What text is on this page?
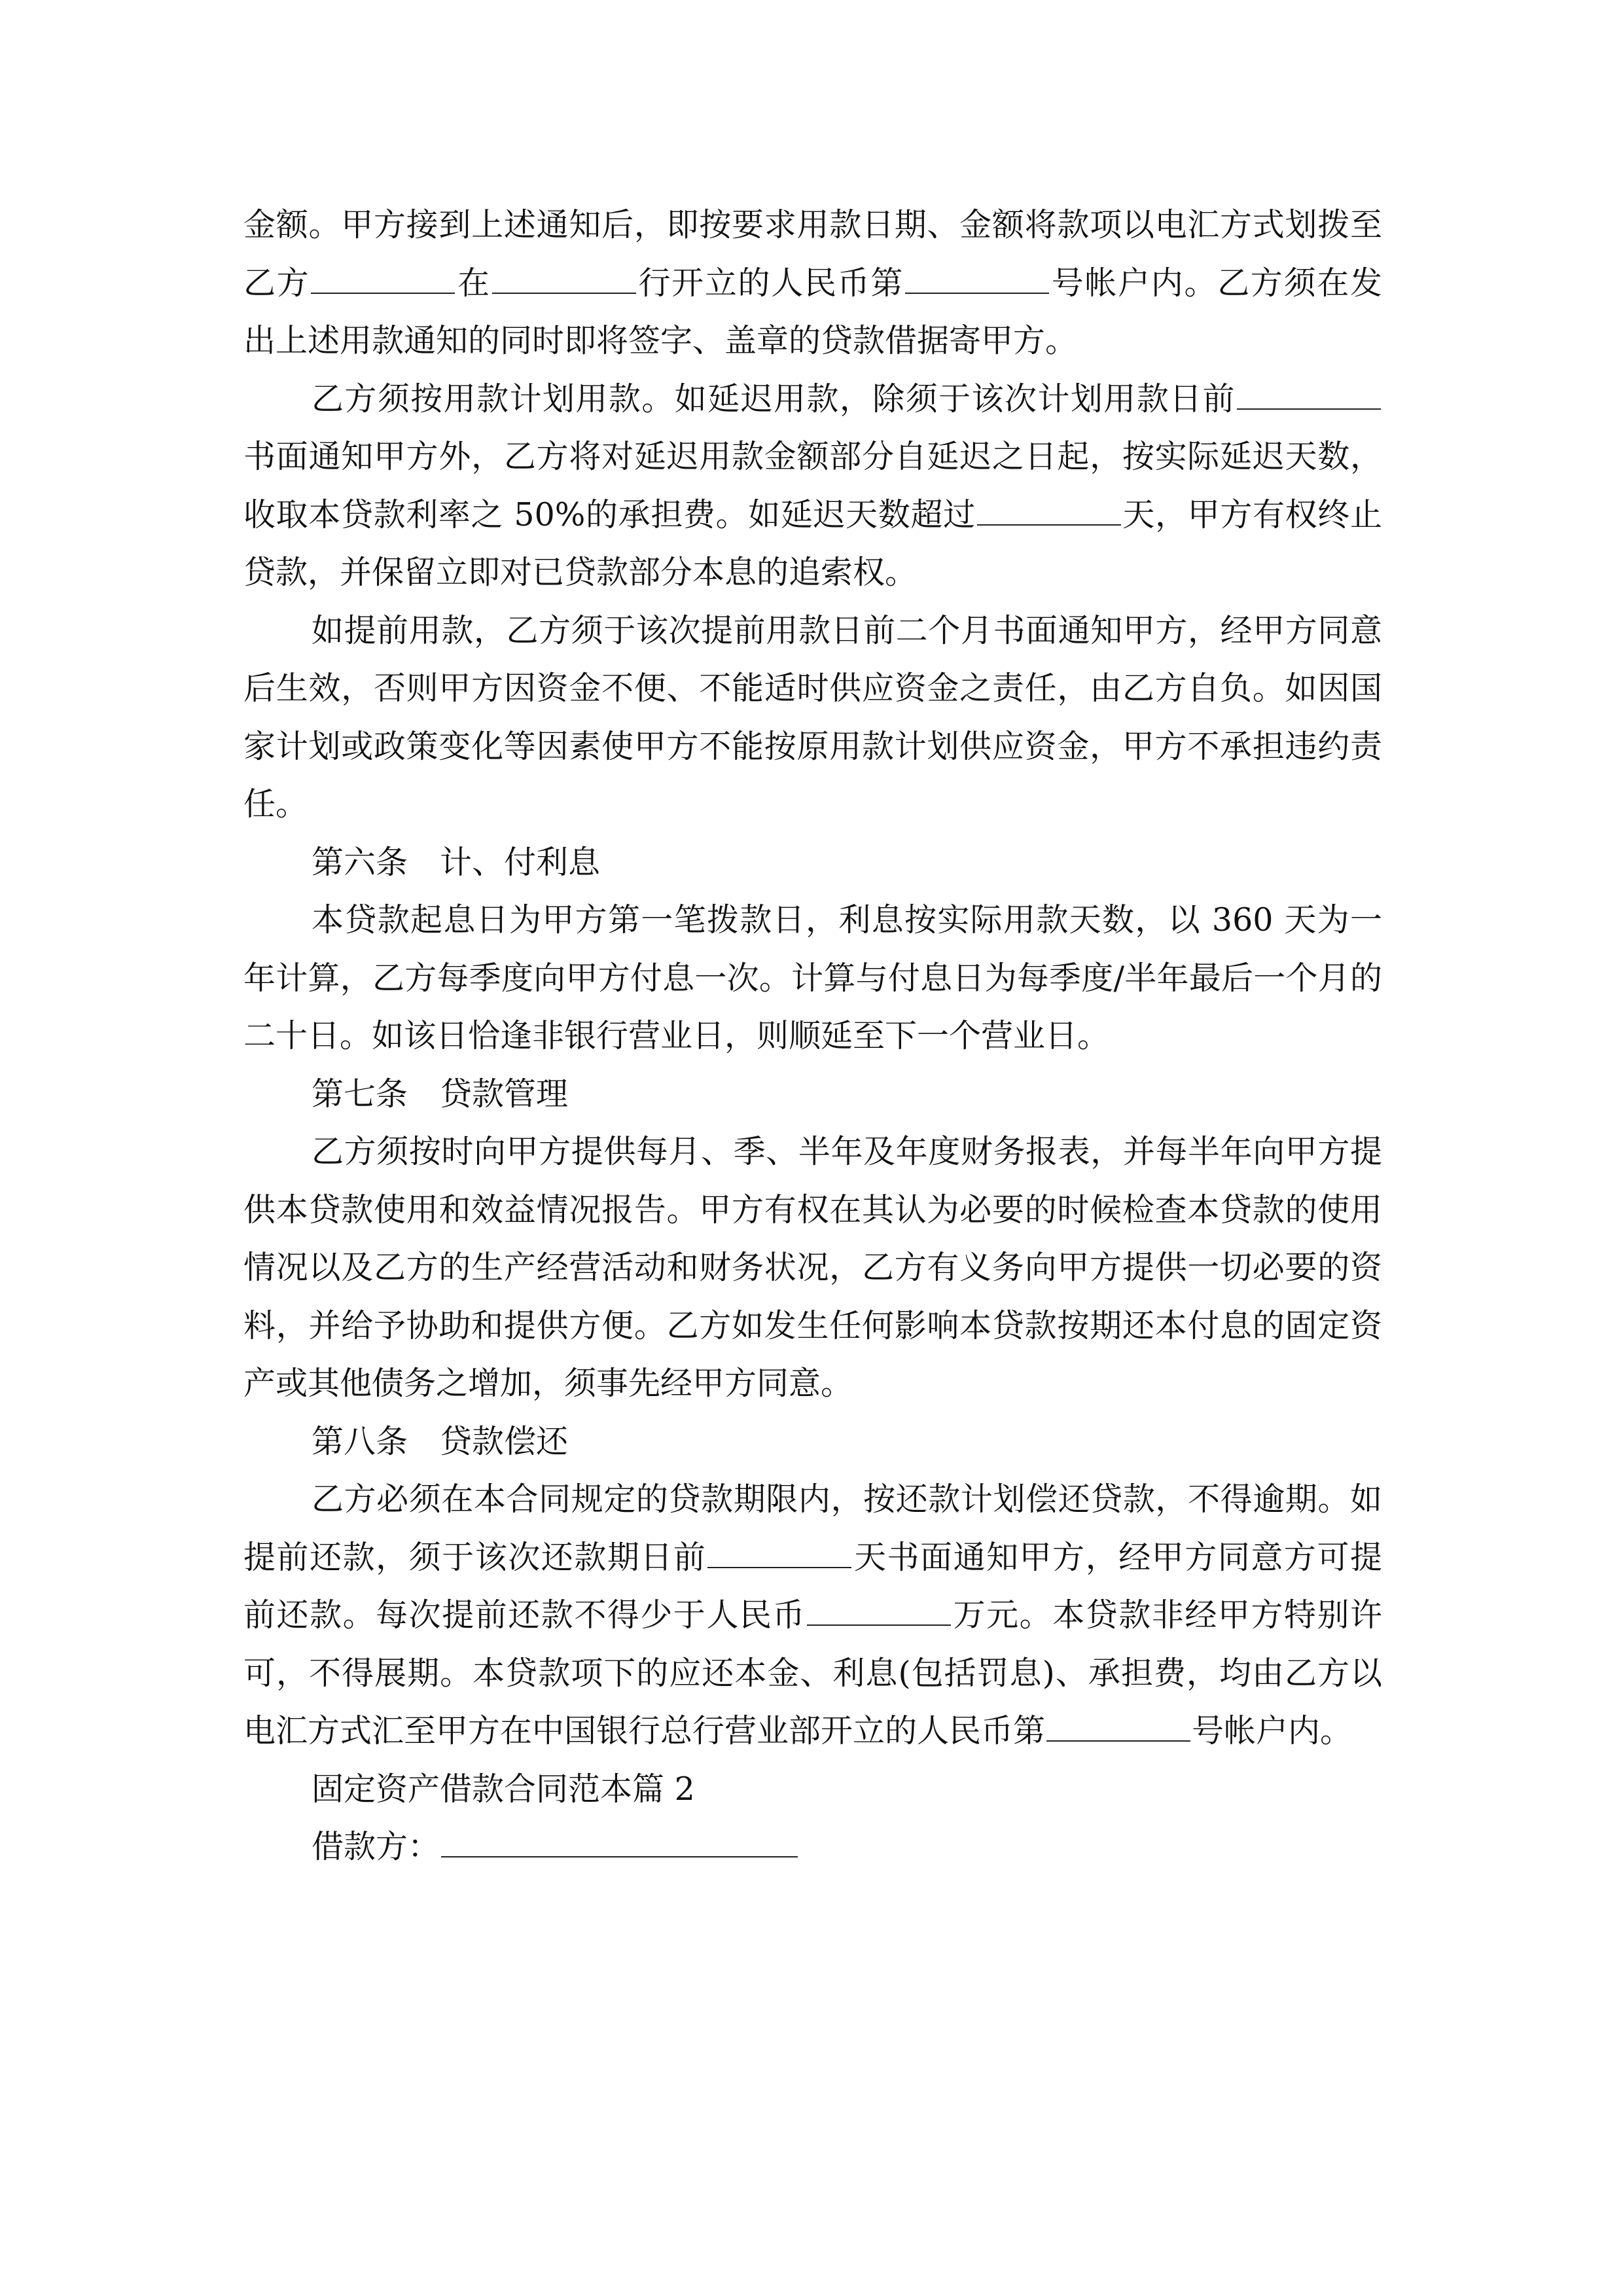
金额。甲方接到上述通知后，即按要求用款日期、金额将款项以电汇方式划拨至乙方	在	行开立的人民币第	号帐户内。乙方须在发出上述用款通知的同时即将签字、盖章的贷款借据寄甲方。

乙方须按用款计划用款。如延迟用款，除须于该次计划用款日前书面通知甲方外，乙方将对延迟用款金额部分自延迟之日起，按实际延迟天数，收取本贷款利率之 50%的承担费。如延迟天数超过	天，甲方有权终止贷款，并保留立即对已贷款部分本息的追索权。

如提前用款，乙方须于该次提前用款日前二个月书面通知甲方，经甲方同意后生效，否则甲方因资金不便、不能适时供应资金之责任，由乙方自负。如因国家计划或政策变化等因素使甲方不能按原用款计划供应资金，甲方不承担违约责任。

第六条　计、付利息

本贷款起息日为甲方第一笔拨款日，利息按实际用款天数，以 360 天为一年计算，乙方每季度向甲方付息一次。计算与付息日为每季度/半年最后一个月的二十日。如该日恰逢非银行营业日，则顺延至下一个营业日。

第七条　贷款管理

乙方须按时向甲方提供每月、季、半年及年度财务报表，并每半年向甲方提供本贷款使用和效益情况报告。甲方有权在其认为必要的时候检查本贷款的使用情况以及乙方的生产经营活动和财务状况，乙方有义务向甲方提供一切必要的资料，并给予协助和提供方便。乙方如发生任何影响本贷款按期还本付息的固定资产或其他债务之增加，须事先经甲方同意。

第八条　贷款偿还

乙方必须在本合同规定的贷款期限内，按还款计划偿还贷款，不得逾期。如提前还款，须于该次还款期日前	天书面通知甲方，经甲方同意方可提前还款。每次提前还款不得少于人民币	万元。本贷款非经甲方特别许可，不得展期。本贷款项下的应还本金、利息(包括罚息)、承担费，均由乙方以电汇方式汇至甲方在中国银行总行营业部开立的人民币第	号帐户内。

固定资产借款合同范本篇 2

借款方：
